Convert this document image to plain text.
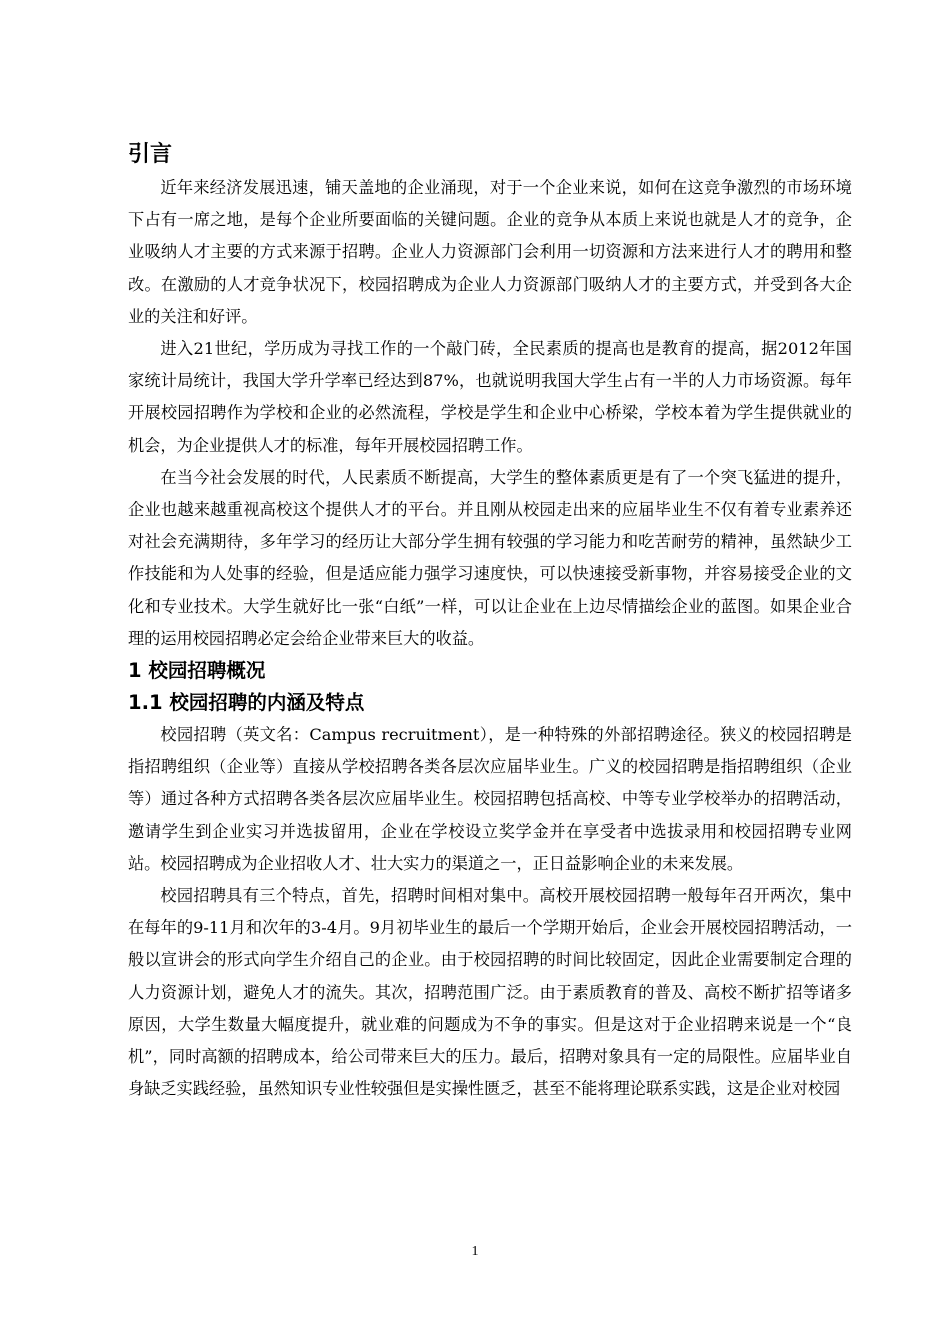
引言

近年来经济发展迅速，铺天盖地的企业涌现，对于一个企业来说，如何在这竞争激烈的市场环境下占有一席之地，是每个企业所要面临的关键问题。企业的竞争从本质上来说也就是人才的竞争，企业吸纳人才主要的方式来源于招聘。企业人力资源部门会利用一切资源和方法来进行人才的聘用和整改。在激励的人才竞争状况下，校园招聘成为企业人力资源部门吸纳人才的主要方式，并受到各大企业的关注和好评。

进入21世纪，学历成为寻找工作的一个敲门砖，全民素质的提高也是教育的提高，据2012年国家统计局统计，我国大学升学率已经达到87%，也就说明我国大学生占有一半的人力市场资源。每年开展校园招聘作为学校和企业的必然流程，学校是学生和企业中心桥梁，学校本着为学生提供就业的机会，为企业提供人才的标准，每年开展校园招聘工作。

在当今社会发展的时代，人民素质不断提高，大学生的整体素质更是有了一个突飞猛进的提升，企业也越来越重视高校这个提供人才的平台。并且刚从校园走出来的应届毕业生不仅有着专业素养还对社会充满期待，多年学习的经历让大部分学生拥有较强的学习能力和吃苦耐劳的精神，虽然缺少工作技能和为人处事的经验，但是适应能力强学习速度快，可以快速接受新事物，并容易接受企业的文化和专业技术。大学生就好比一张“白纸”一样，可以让企业在上边尽情描绘企业的蓝图。如果企业合理的运用校园招聘必定会给企业带来巨大的收益。

1 校园招聘概况
1.1 校园招聘的内涵及特点

校园招聘（英文名：Campus recruitment），是一种特殊的外部招聘途径。狭义的校园招聘是指招聘组织（企业等）直接从学校招聘各类各层次应届毕业生。广义的校园招聘是指招聘组织（企业等）通过各种方式招聘各类各层次应届毕业生。校园招聘包括高校、中等专业学校举办的招聘活动，邀请学生到企业实习并选拔留用，企业在学校设立奖学金并在享受者中选拔录用和校园招聘专业网站。校园招聘成为企业招收人才、壮大实力的渠道之一，正日益影响企业的未来发展。

校园招聘具有三个特点，首先，招聘时间相对集中。高校开展校园招聘一般每年召开两次，集中在每年的9-11月和次年的3-4月。9月初毕业生的最后一个学期开始后，企业会开展校园招聘活动，一般以宣讲会的形式向学生介绍自己的企业。由于校园招聘的时间比较固定，因此企业需要制定合理的人力资源计划，避免人才的流失。其次，招聘范围广泛。由于素质教育的普及、高校不断扩招等诸多原因，大学生数量大幅度提升，就业难的问题成为不争的事实。但是这对于企业招聘来说是一个“良机”，同时高额的招聘成本，给公司带来巨大的压力。最后，招聘对象具有一定的局限性。应届毕业自身缺乏实践经验，虽然知识专业性较强但是实操性匮乏，甚至不能将理论联系实践，这是企业对校园

1
